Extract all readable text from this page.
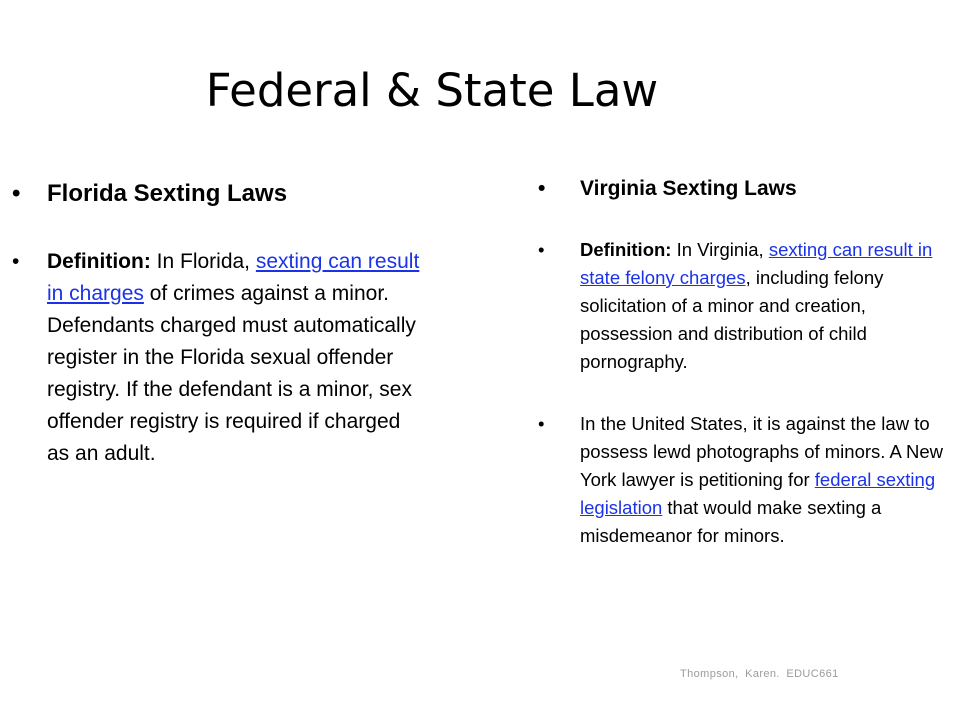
Federal & State Law
• Florida Sexting Laws
• Definition: In Florida, sexting can result in charges of crimes against a minor. Defendants charged must automatically register in the Florida sexual offender registry. If the defendant is a minor, sex offender registry is required if charged as an adult.
• Virginia Sexting Laws
• Definition: In Virginia, sexting can result in state felony charges, including felony solicitation of a minor and creation, possession and distribution of child pornography.
• In the United States, it is against the law to possess lewd photographs of minors. A New York lawyer is petitioning for federal sexting legislation that would make sexting a misdemeanor for minors.
Thompson, Karen. EDUC661
